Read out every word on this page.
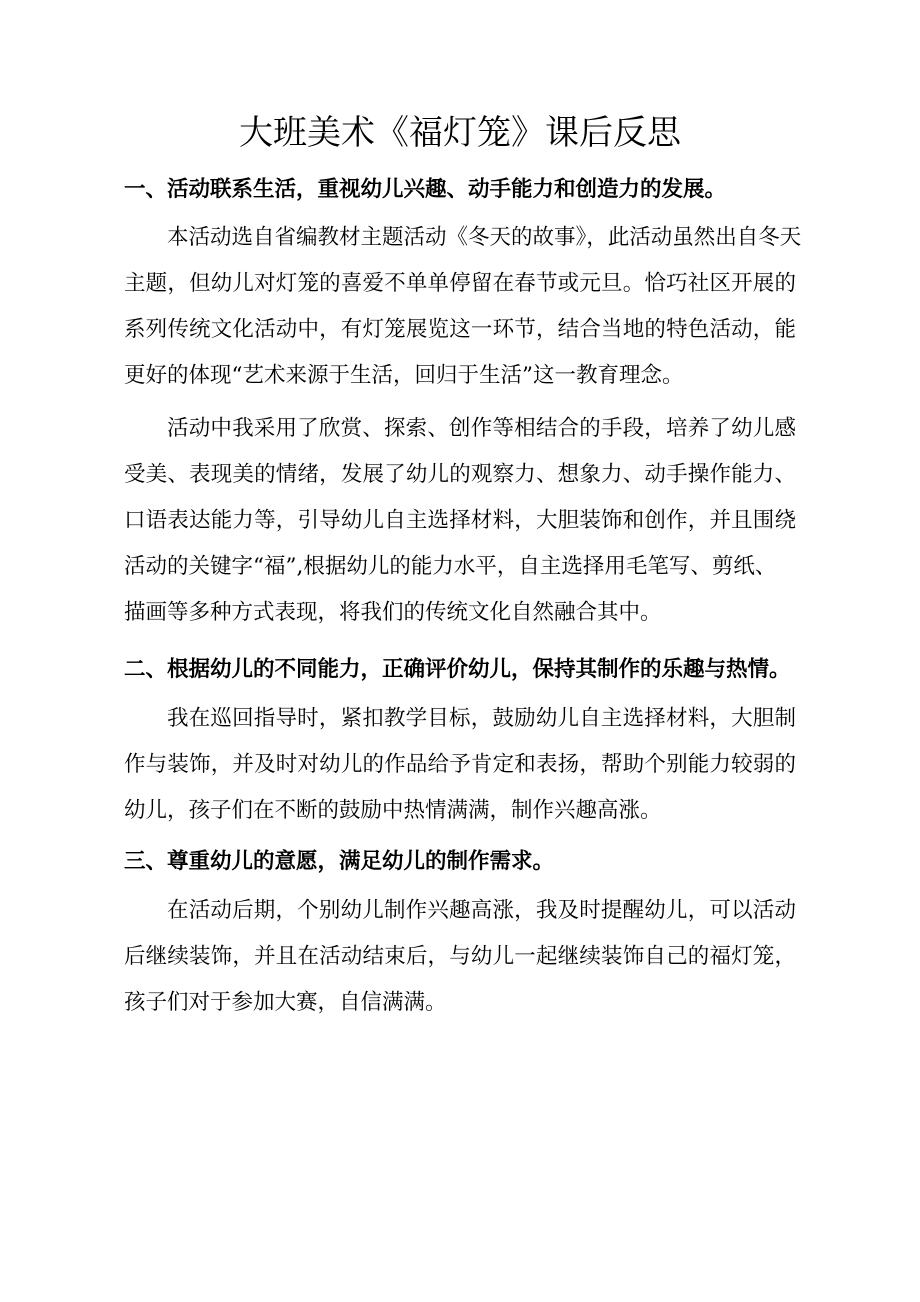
大班美术《福灯笼》课后反思
一、活动联系生活，重视幼儿兴趣、动手能力和创造力的发展。
本活动选自省编教材主题活动《冬天的故事》，此活动虽然出自冬天
主题，但幼儿对灯笼的喜爱不单单停留在春节或元旦。恰巧社区开展的
系列传统文化活动中，有灯笼展览这一环节，结合当地的特色活动，能
更好的体现“艺术来源于生活，回归于生活”这一教育理念。
活动中我采用了欣赏、探索、创作等相结合的手段，培养了幼儿感
受美、表现美的情绪，发展了幼儿的观察力、想象力、动手操作能力、
口语表达能力等，引导幼儿自主选择材料，大胆装饰和创作，并且围绕
活动的关键字“福”,根据幼儿的能力水平，自主选择用毛笔写、剪纸、
描画等多种方式表现，将我们的传统文化自然融合其中。
二、根据幼儿的不同能力，正确评价幼儿，保持其制作的乐趣与热情。
我在巡回指导时，紧扣教学目标，鼓励幼儿自主选择材料，大胆制
作与装饰，并及时对幼儿的作品给予肯定和表扬，帮助个别能力较弱的
幼儿，孩子们在不断的鼓励中热情满满，制作兴趣高涨。
三、尊重幼儿的意愿，满足幼儿的制作需求。
在活动后期，个别幼儿制作兴趣高涨，我及时提醒幼儿，可以活动
后继续装饰，并且在活动结束后，与幼儿一起继续装饰自己的福灯笼，
孩子们对于参加大赛，自信满满。
